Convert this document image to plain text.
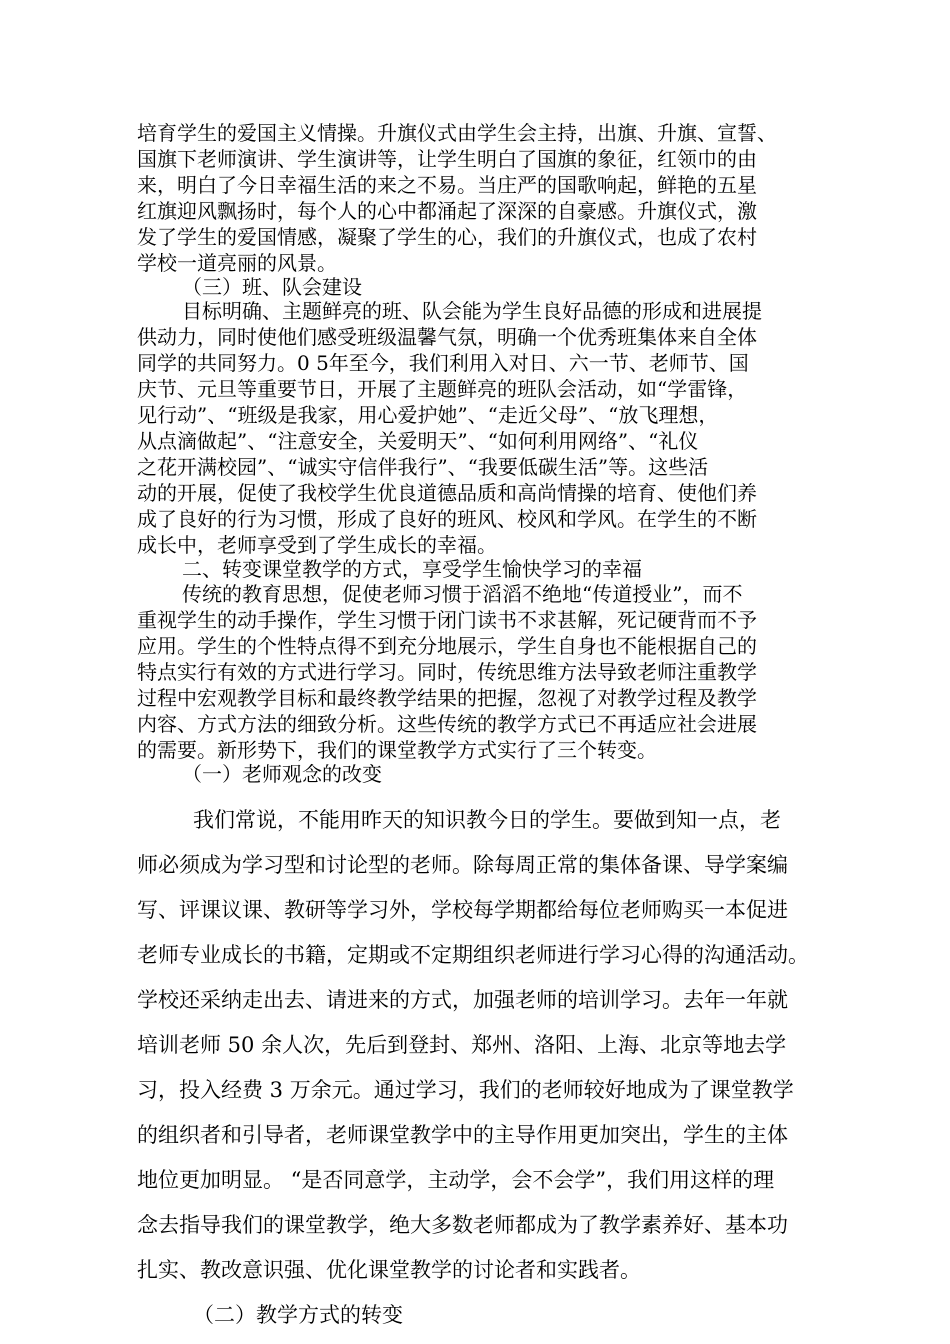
培育学生的爱国主义情操。升旗仪式由学生会主持，出旗、升旗、宣誓、

国旗下老师演讲、学生演讲等，让学生明白了国旗的象征，红领巾的由

来，明白了今日幸福生活的来之不易。当庄严的国歌响起，鲜艳的五星

红旗迎风飘扬时，每个人的心中都涌起了深深的自豪感。升旗仪式，激

发了学生的爱国情感，凝聚了学生的心，我们的升旗仪式，也成了农村

学校一道亮丽的风景。

（三）班、队会建设

目标明确、主题鲜亮的班、队会能为学生良好品德的形成和进展提

供动力，同时使他们感受班级温馨气氛，明确一个优秀班集体来自全体

同学的共同努力。0 5年至今，我们利用入对日、六一节、老师节、国

庆节、元旦等重要节日，开展了主题鲜亮的班队会活动，如“学雷锋，

见行动”、“班级是我家，用心爱护她”、“走近父母”、“放飞理想，

从点滴做起”、“注意安全，关爱明天”、“如何利用网络”、“礼仪

之花开满校园”、“诚实守信伴我行”、“我要低碳生活”等。这些活

动的开展，促使了我校学生优良道德品质和高尚情操的培育、使他们养

成了良好的行为习惯，形成了良好的班风、校风和学风。在学生的不断

成长中，老师享受到了学生成长的幸福。

二、转变课堂教学的方式，享受学生愉快学习的幸福

传统的教育思想，促使老师习惯于滔滔不绝地“传道授业”，而不

重视学生的动手操作，学生习惯于闭门读书不求甚解，死记硬背而不予

应用。学生的个性特点得不到充分地展示，学生自身也不能根据自己的

特点实行有效的方式进行学习。同时，传统思维方法导致老师注重教学

过程中宏观教学目标和最终教学结果的把握，忽视了对教学过程及教学

内容、方式方法的细致分析。这些传统的教学方式已不再适应社会进展

的需要。新形势下，我们的课堂教学方式实行了三个转变。

（一）老师观念的改变

我们常说，不能用昨天的知识教今日的学生。要做到知一点，老

师必须成为学习型和讨论型的老师。除每周正常的集体备课、导学案编

写、评课议课、教研等学习外，学校每学期都给每位老师购买一本促进

老师专业成长的书籍，定期或不定期组织老师进行学习心得的沟通活动。

学校还采纳走出去、请进来的方式，加强老师的培训学习。去年一年就

培训老师 50 余人次，先后到登封、郑州、洛阳、上海、北京等地去学

习，投入经费 3 万余元。通过学习，我们的老师较好地成为了课堂教学

的组织者和引导者，老师课堂教学中的主导作用更加突出，学生的主体

地位更加明显。 “是否同意学，主动学，会不会学”，我们用这样的理

念去指导我们的课堂教学，绝大多数老师都成为了教学素养好、基本功

扎实、教改意识强、优化课堂教学的讨论者和实践者。

（二）教学方式的转变
